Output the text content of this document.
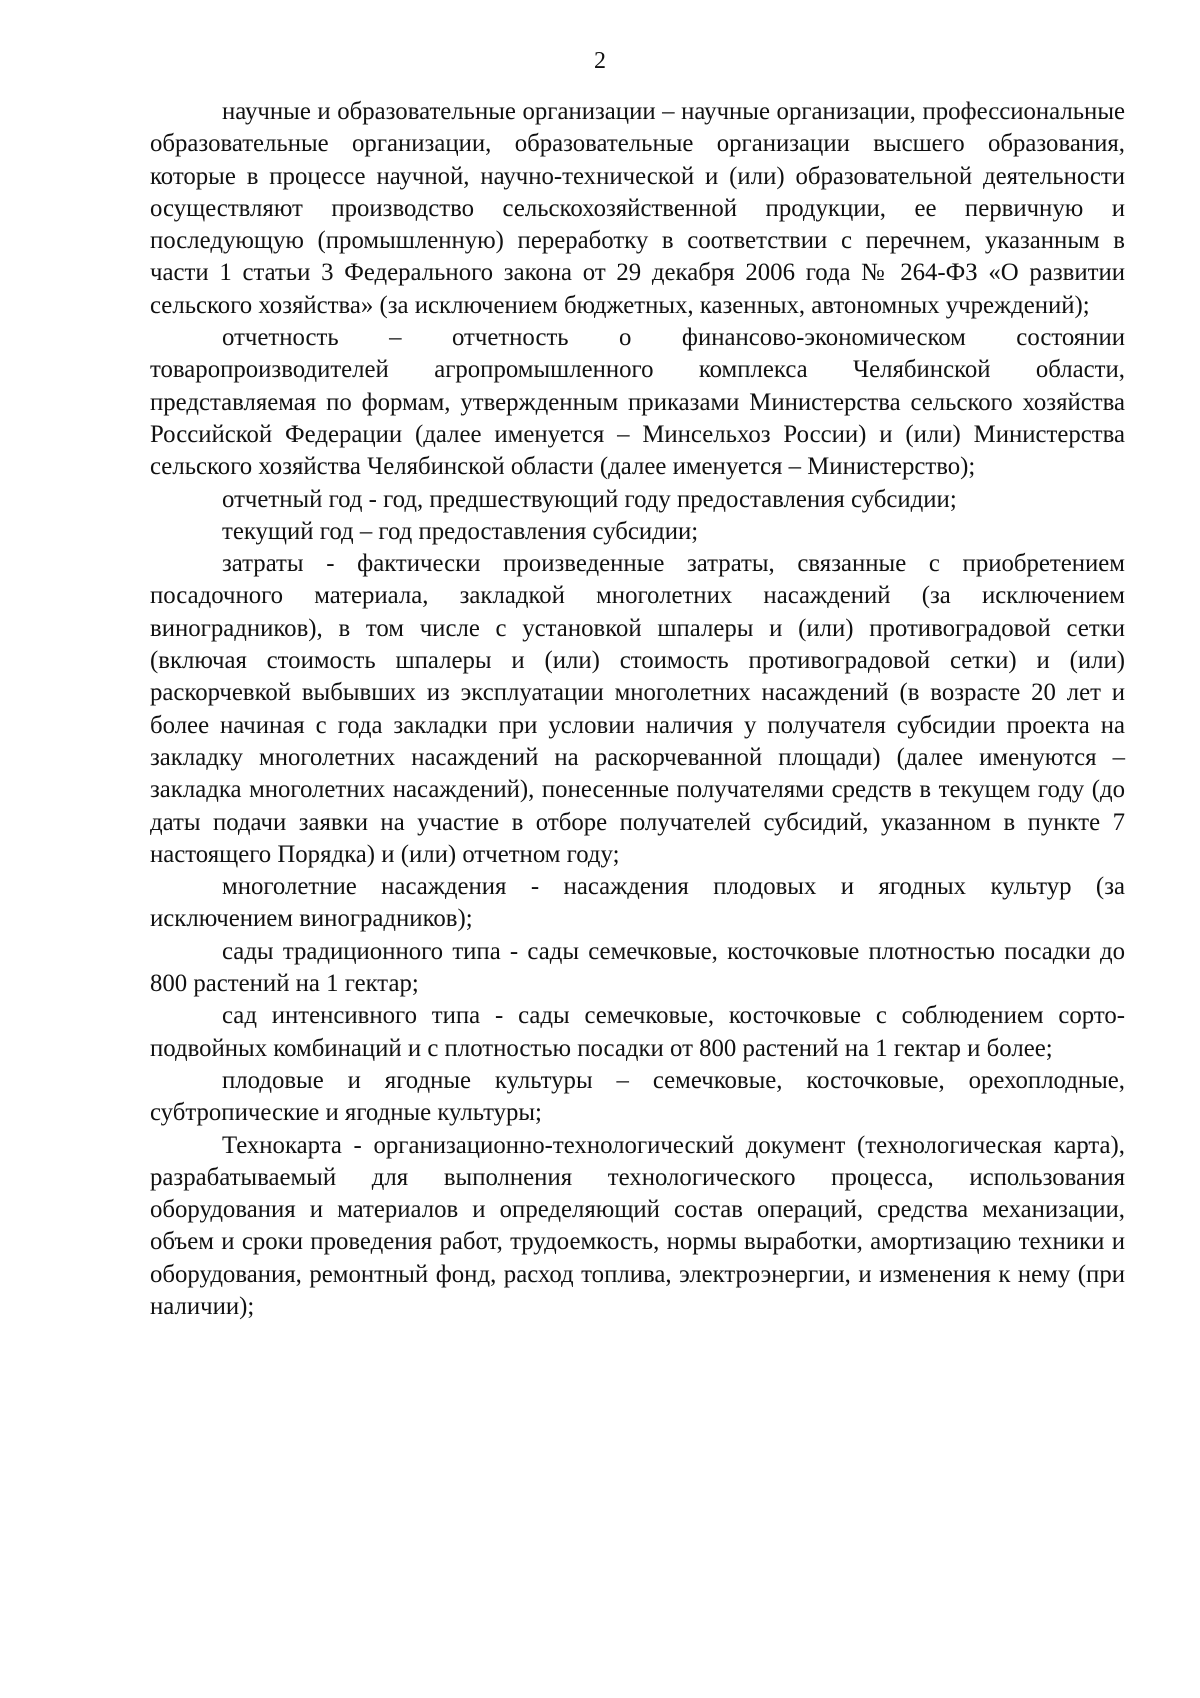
2

научные и образовательные организации – научные организации, профессиональные образовательные организации, образовательные организации высшего образования, которые в процессе научной, научно-технической и (или) образовательной деятельности осуществляют производство сельскохозяйственной продукции, ее первичную и последующую (промышленную) переработку в соответствии с перечнем, указанным в части 1 статьи 3 Федерального закона от 29 декабря 2006 года № 264-ФЗ «О развитии сельского хозяйства» (за исключением бюджетных, казенных, автономных учреждений);

отчетность – отчетность о финансово-экономическом состоянии товаропроизводителей агропромышленного комплекса Челябинской области, представляемая по формам, утвержденным приказами Министерства сельского хозяйства Российской Федерации (далее именуется – Минсельхоз России) и (или) Министерства сельского хозяйства Челябинской области (далее именуется – Министерство);

отчетный год - год, предшествующий году предоставления субсидии;

текущий год – год предоставления субсидии;

затраты - фактически произведенные затраты, связанные с приобретением посадочного материала, закладкой многолетних насаждений (за исключением виноградников), в том числе с установкой шпалеры и (или) противоградовой сетки (включая стоимость шпалеры и (или) стоимость противоградовой сетки) и (или) раскорчевкой выбывших из эксплуатации многолетних насаждений (в возрасте 20 лет и более начиная с года закладки при условии наличия у получателя субсидии проекта на закладку многолетних насаждений на раскорчеванной площади) (далее именуются – закладка многолетних насаждений), понесенные получателями средств в текущем году (до даты подачи заявки на участие в отборе получателей субсидий, указанном в пункте 7 настоящего Порядка) и (или) отчетном году;

многолетние насаждения - насаждения плодовых и ягодных культур (за исключением виноградников);

сады традиционного типа - сады семечковые, косточковые плотностью посадки до 800 растений на 1 гектар;

сад интенсивного типа - сады семечковые, косточковые с соблюдением сорто-подвойных комбинаций и с плотностью посадки от 800 растений на 1 гектар и более;

плодовые и ягодные культуры – семечковые, косточковые, орехоплодные, субтропические и ягодные культуры;

Технокарта - организационно-технологический документ (технологическая карта), разрабатываемый для выполнения технологического процесса, использования оборудования и материалов и определяющий состав операций, средства механизации, объем и сроки проведения работ, трудоемкость, нормы выработки, амортизацию техники и оборудования, ремонтный фонд, расход топлива, электроэнергии, и изменения к нему (при наличии);
